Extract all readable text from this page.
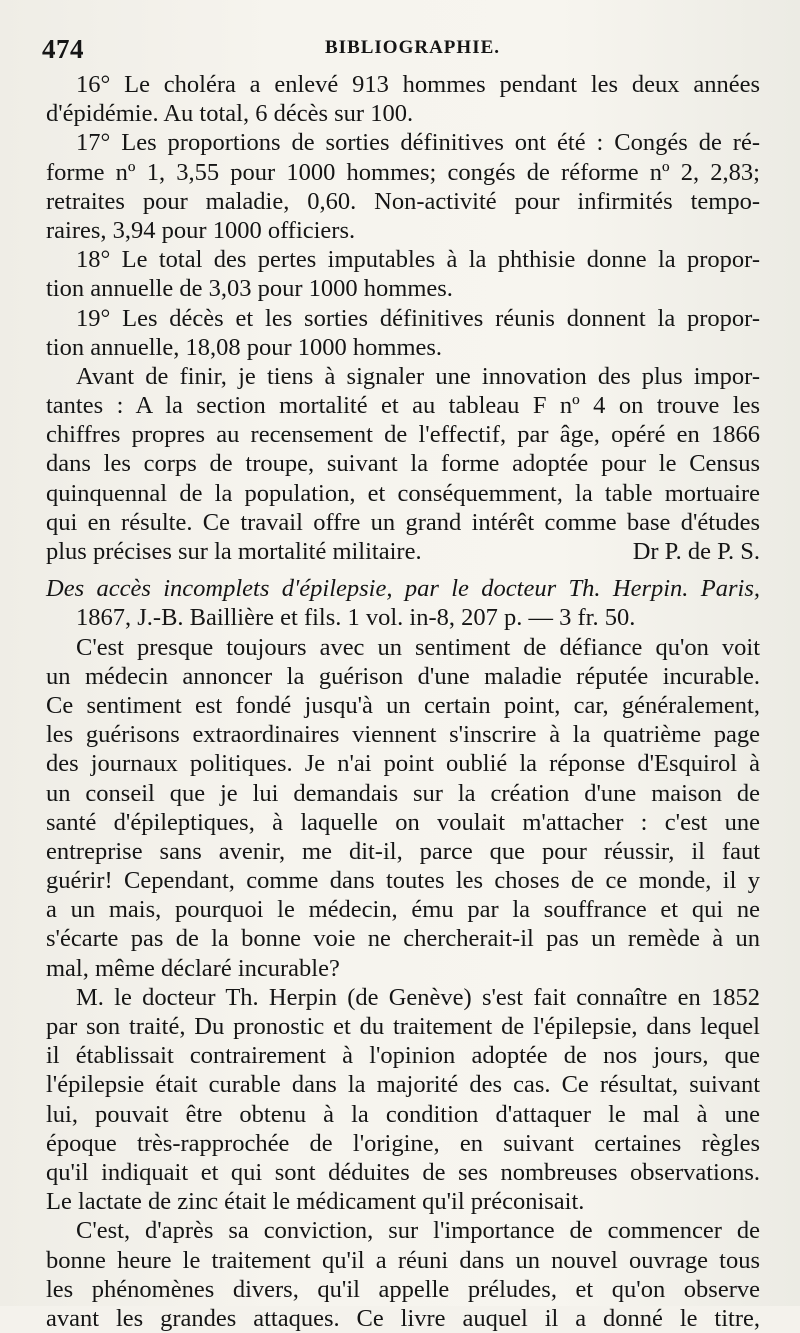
474	BIBLIOGRAPHIE.
16° Le choléra a enlevé 913 hommes pendant les deux années
d'épidémie. Au total, 6 décès sur 100.
17° Les proportions de sorties définitives ont été : Congés de ré-
forme nº 1, 3,55 pour 1000 hommes; congés de réforme nº 2, 2,83;
retraites pour maladie, 0,60. Non-activité pour infirmités tempo-
raires, 3,94 pour 1000 officiers.
18° Le total des pertes imputables à la phthisie donne la propor-
tion annuelle de 3,03 pour 1000 hommes.
19° Les décès et les sorties définitives réunis donnent la propor-
tion annuelle, 18,08 pour 1000 hommes.
Avant de finir, je tiens à signaler une innovation des plus impor-
tantes : A la section mortalité et au tableau F nº 4 on trouve les
chiffres propres au recensement de l'effectif, par âge, opéré en 1866
dans les corps de troupe, suivant la forme adoptée pour le Census
quinquennal de la population, et conséquemment, la table mortuaire
qui en résulte. Ce travail offre un grand intérêt comme base d'études
plus précises sur la mortalité militaire.	Dr P. de P. S.
Des accès incomplets d'épilepsie, par le docteur Th. Herpin. Paris,
1867, J.-B. Baillière et fils. 1 vol. in-8, 207 p. — 3 fr. 50.
C'est presque toujours avec un sentiment de défiance qu'on voit
un médecin annoncer la guérison d'une maladie réputée incurable.
Ce sentiment est fondé jusqu'à un certain point, car, généralement,
les guérisons extraordinaires viennent s'inscrire à la quatrième page
des journaux politiques. Je n'ai point oublié la réponse d'Esquirol à
un conseil que je lui demandais sur la création d'une maison de
santé d'épileptiques, à laquelle on voulait m'attacher : c'est une
entreprise sans avenir, me dit-il, parce que pour réussir, il faut
guérir! Cependant, comme dans toutes les choses de ce monde, il y
a un mais, pourquoi le médecin, ému par la souffrance et qui ne
s'écarte pas de la bonne voie ne chercherait-il pas un remède à un
mal, même déclaré incurable?
M. le docteur Th. Herpin (de Genève) s'est fait connaître en 1852
par son traité, Du pronostic et du traitement de l'épilepsie, dans lequel
il établissait contrairement à l'opinion adoptée de nos jours, que
l'épilepsie était curable dans la majorité des cas. Ce résultat, suivant
lui, pouvait être obtenu à la condition d'attaquer le mal à une
époque très-rapprochée de l'origine, en suivant certaines règles
qu'il indiquait et qui sont déduites de ses nombreuses observations.
Le lactate de zinc était le médicament qu'il préconisait.
C'est, d'après sa conviction, sur l'importance de commencer de
bonne heure le traitement qu'il a réuni dans un nouvel ouvrage tous
les phénomènes divers, qu'il appelle préludes, et qu'on observe
avant les grandes attaques. Ce livre auquel il a donné le titre,
